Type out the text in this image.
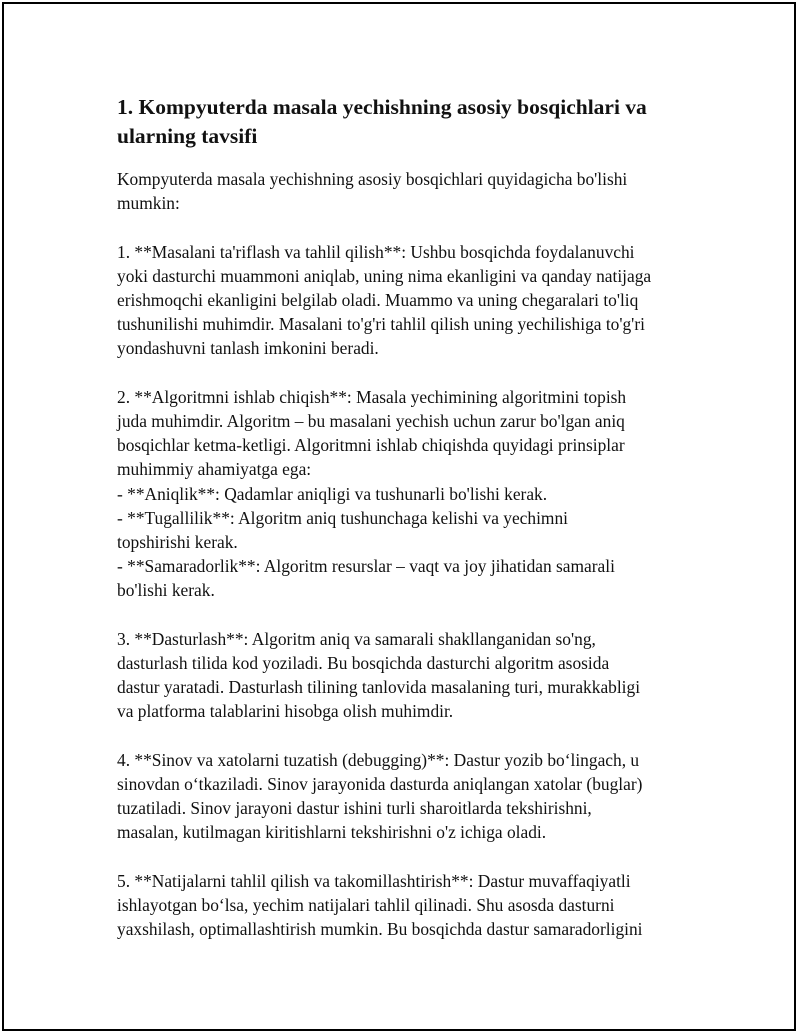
1. Kompyuterda masala yechishning asosiy bosqichlari va ularning tavsifi

Kompyuterda masala yechishning asosiy bosqichlari quyidagicha bo'lishi
mumkin:

1. **Masalani ta'riflash va tahlil qilish**: Ushbu bosqichda foydalanuvchi
yoki dasturchi muammoni aniqlab, uning nima ekanligini va qanday natijaga
erishmoqchi ekanligini belgilab oladi. Muammo va uning chegaralari to'liq
tushunilishi muhimdir. Masalani to'g'ri tahlil qilish uning yechilishiga to'g'ri
yondashuvni tanlash imkonini beradi.

2. **Algoritmni ishlab chiqish**: Masala yechimining algoritmini topish
juda muhimdir. Algoritm – bu masalani yechish uchun zarur bo'lgan aniq
bosqichlar ketma-ketligi. Algoritmni ishlab chiqishda quyidagi prinsiplar
muhimmiy ahamiyatga ega:
- **Aniqlik**: Qadamlar aniqligi va tushunarli bo'lishi kerak.
- **Tugallilik**: Algoritm aniq tushunchaga kelishi va yechimni
topshirishi kerak.
- **Samaradorlik**: Algoritm resurslar – vaqt va joy jihatidan samarali
bo'lishi kerak.

3. **Dasturlash**: Algoritm aniq va samarali shakllanganidan so'ng,
dasturlash tilida kod yoziladi. Bu bosqichda dasturchi algoritm asosida
dastur yaratadi. Dasturlash tilining tanlovida masalaning turi, murakkabligi
va platforma talablarini hisobga olish muhimdir.

4. **Sinov va xatolarni tuzatish (debugging)**: Dastur yozib bo‘lingach, u
sinovdan o‘tkaziladi. Sinov jarayonida dasturda aniqlangan xatolar (buglar)
tuzatiladi. Sinov jarayoni dastur ishini turli sharoitlarda tekshirishni,
masalan, kutilmagan kiritishlarni tekshirishni o'z ichiga oladi.

5. **Natijalarni tahlil qilish va takomillashtirish**: Dastur muvaffaqiyatli
ishlayotgan bo‘lsa, yechim natijalari tahlil qilinadi. Shu asosda dasturni
yaxshilash, optimallashtirish mumkin. Bu bosqichda dastur samaradorligini
